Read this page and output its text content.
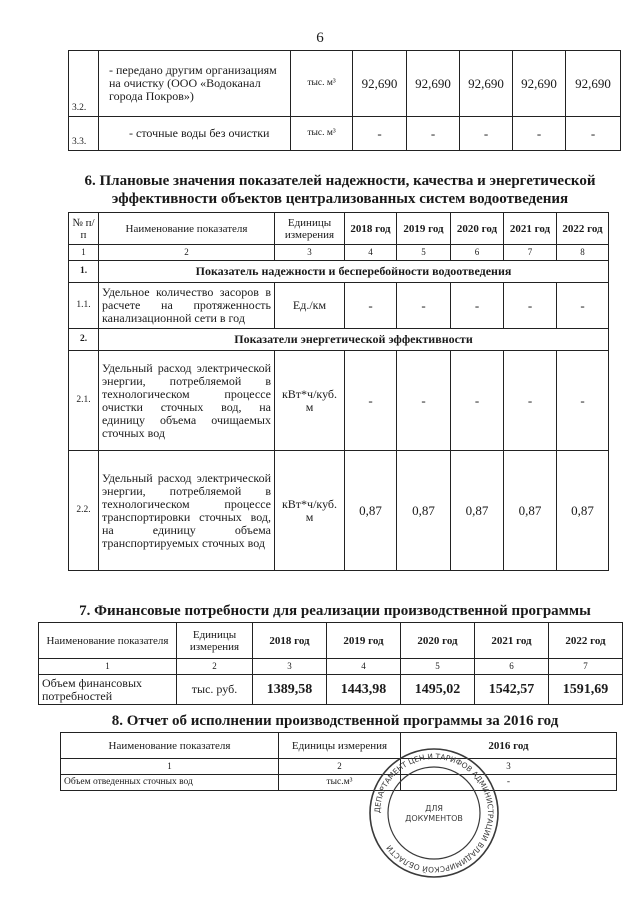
6
3.2.	- передано другим организациям на очистку (ООО «Водоканал города Покров»)	тыс. м³	92,690	92,690	92,690	92,690	92,690
3.3.	- сточные воды без очистки	тыс. м³	-	-	-	-	-
6. Плановые значения показателей надежности, качества и энергетической
эффективности объектов централизованных систем водоотведения
№ п/п	Наименование показателя	Единицы измерения	2018 год	2019 год	2020 год	2021 год	2022 год
1	2	3	4	5	6	7	8
1.	Показатель надежности и бесперебойности водоотведения						
1.1.	Удельное количество засоров в расчете на протяженность канализационной сети в год	Ед./км	-	-	-	-	-
2.	Показатели энергетической эффективности						
2.1.	Удельный расход электрической энергии, потребляемой в технологическом процессе очистки сточных вод, на единицу объема очищаемых сточных вод	кВт*ч/куб. м	-	-	-	-	-
2.2.	Удельный расход электрической энергии, потребляемой в технологическом процессе транспортировки сточных вод, на единицу объема транспортируемых сточных вод	кВт*ч/куб. м	0,87	0,87	0,87	0,87	0,87
7. Финансовые потребности для реализации производственной программы
Наименование показателя	Единицы измерения	2018 год	2019 год	2020 год	2021 год	2022 год
1	2	3	4	5	6	7
Объем финансовых потребностей	тыс. руб.	1389,58	1443,98	1495,02	1542,57	1591,69
8. Отчет об исполнении производственной программы за 2016 год
Наименование показателя	Единицы измерения	2016 год
1	2	3
Объем отведенных сточных вод	тыс.м³	-
ДЕПАРТАМЕНТ ЦЕН И ТАРИФОВ АДМИНИСТРАЦИИ ВЛАДИМИРСКОЙ ОБЛАСТИ
ДЛЯ
ДОКУМЕНТОВ
